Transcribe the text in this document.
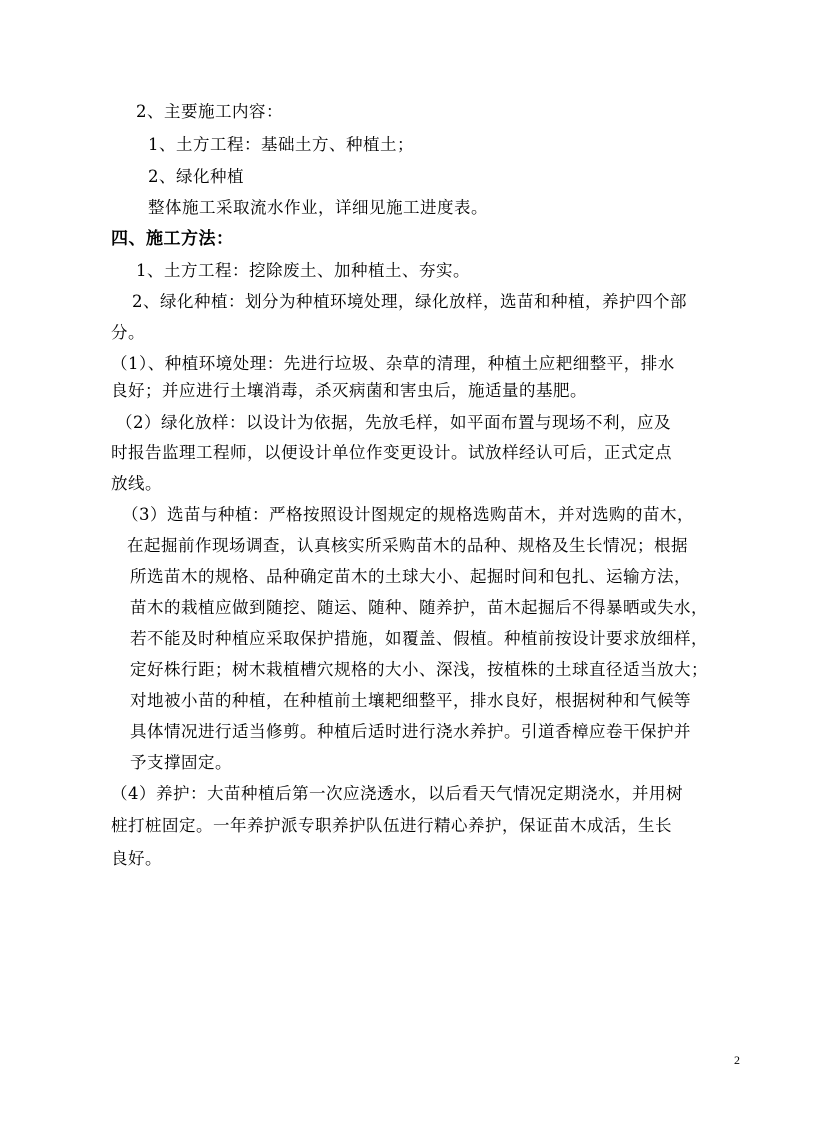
2、主要施工内容：
1、土方工程：基础土方、种植土；
2、绿化种植
整体施工采取流水作业，详细见施工进度表。
四、施工方法：
1、土方工程：挖除废土、加种植土、夯实。
2、绿化种植：划分为种植环境处理，绿化放样，选苗和种植，养护四个部
分。
（1）、种植环境处理：先进行垃圾、杂草的清理，种植土应耙细整平，排水
良好；并应进行土壤消毒，杀灭病菌和害虫后，施适量的基肥。
（2）绿化放样：以设计为依据，先放毛样，如平面布置与现场不利，应及
时报告监理工程师，以便设计单位作变更设计。试放样经认可后，正式定点
放线。
（3）选苗与种植：严格按照设计图规定的规格选购苗木，并对选购的苗木，
在起掘前作现场调查，认真核实所采购苗木的品种、规格及生长情况；根据
所选苗木的规格、品种确定苗木的土球大小、起掘时间和包扎、运输方法，
苗木的栽植应做到随挖、随运、随种、随养护，苗木起掘后不得暴晒或失水，
若不能及时种植应采取保护措施，如覆盖、假植。种植前按设计要求放细样，
定好株行距；树木栽植槽穴规格的大小、深浅，按植株的土球直径适当放大；
对地被小苗的种植，在种植前土壤耙细整平，排水良好，根据树种和气候等
具体情况进行适当修剪。种植后适时进行浇水养护。引道香樟应卷干保护并
予支撑固定。
（4）养护：大苗种植后第一次应浇透水，以后看天气情况定期浇水，并用树
桩打桩固定。一年养护派专职养护队伍进行精心养护，保证苗木成活，生长
良好。
2
